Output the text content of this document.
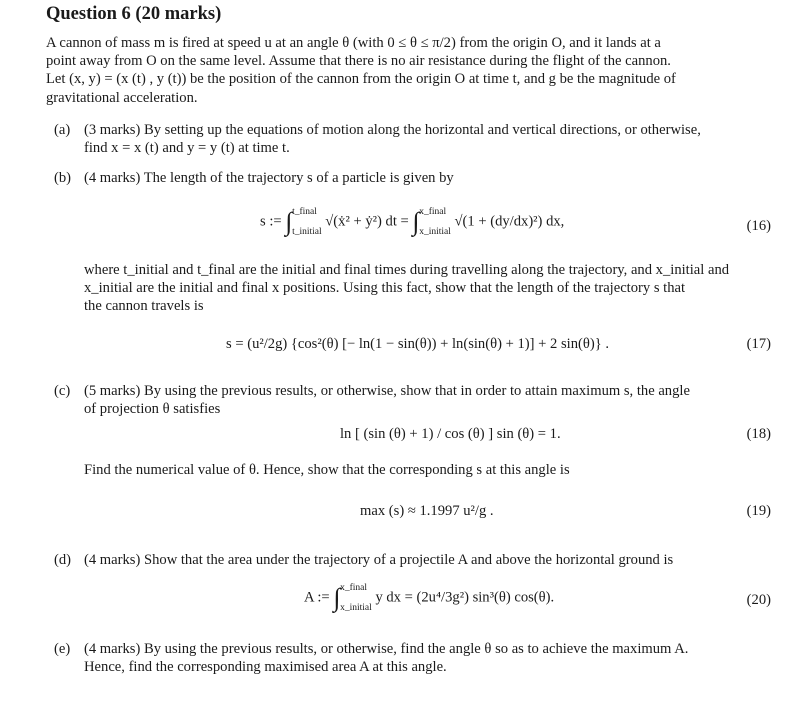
Question 6 (20 marks)
A cannon of mass m is fired at speed u at an angle θ (with 0 ≤ θ ≤ π/2) from the origin O, and it lands at a
point away from O on the same level. Assume that there is no air resistance during the flight of the cannon.
Let (x, y) = (x (t) , y (t)) be the position of the cannon from the origin O at time t, and g be the magnitude of
gravitational acceleration.
(a) (3 marks) By setting up the equations of motion along the horizontal and vertical directions, or otherwise,
find x = x (t) and y = y (t) at time t.
(b) (4 marks) The length of the trajectory s of a particle is given by
s := ∫ t_final
t_initial
√(ẋ² + ẏ²) dt = ∫ x_final
x_initial
√(1 + (dy/dx)²) dx,	(16)
where t_initial and t_final are the initial and final times during travelling along the trajectory, and x_initial and
x_initial are the initial and final x positions. Using this fact, show that the length of the trajectory s that
the cannon travels is
s = (u²/2g) {cos²(θ) [− ln(1 − sin(θ)) + ln(sin(θ) + 1)] + 2 sin(θ)} .	(17)
(c) (5 marks) By using the previous results, or otherwise, show that in order to attain maximum s, the angle
of projection θ satisfies
ln [ (sin (θ) + 1) / cos (θ) ] sin (θ) = 1.	(18)
Find the numerical value of θ. Hence, show that the corresponding s at this angle is
max (s) ≈ 1.1997 u²/g .	(19)
(d) (4 marks) Show that the area under the trajectory of a projectile A and above the horizontal ground is
A := ∫ x_final
x_initial
y dx = (2u⁴/3g²) sin³(θ) cos(θ).	(20)
(e) (4 marks) By using the previous results, or otherwise, find the angle θ so as to achieve the maximum A.
Hence, find the corresponding maximised area A at this angle.
